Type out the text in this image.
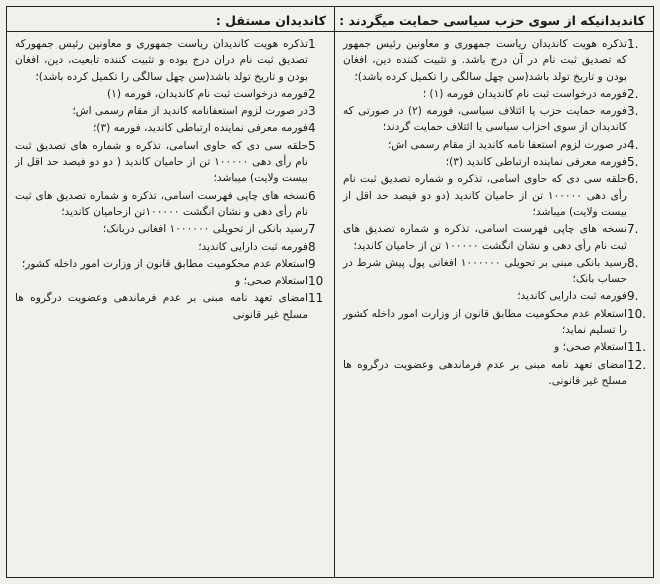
کاندیدان مستقل :
1
تذکره هویت کاندیدان ریاست جمهوری و معاونین رئیس جمهورکه تصدیق ثبت نام دران درج بوده و تثبیت کننده تابعیت، دین، افغان بودن و تاریخ تولد باشد(سن چهل سالگی را تکمیل کرده باشد)؛
2
فورمه درخواست ثبت نام کاندیدان، فورمه (۱)
3
در صورت لزوم استعفانامه کاندید از مقام رسمی اش؛
4
فورمه معرفی نماینده ارتباطی کاندید، فورمه (۳)؛
5
حلقه سی دی که حاوی اسامی، تذکره و شماره های تصدیق ثبت نام رأی دهی ۱۰۰۰۰۰ تن از حامیان کاندید ( دو دو فیصد حد اقل از بیست ولایت) میباشد؛
6
نسخه های چاپی فهرست اسامی، تذکره و شماره تصدیق های ثبت نام رأی دهی و نشان انگشت ۱۰۰۰۰۰تن ازحامیان کاندید؛
7
رسید بانکی از تحویلی ۱۰۰۰۰۰۰ افغانی دربانک؛
8
فورمه ثبت دارایی کاندید؛
9
استعلام عدم محکومیت مطابق قانون از وزارت امور داخله کشور؛
10
استعلام صحی؛ و
11
امضای تعهد نامه مبنی بر عدم فرماندهی وعضویت درگروه ها مسلح غیر قانونی
کاندیدانیکه از سوی حزب سیاسی حمایت میگردند :
1.
تذکره هویت کاندیدان ریاست جمهوری و معاونین رئیس جمهور که تصدیق ثبت نام در آن درج باشد. و تثبیت کننده دین، افغان بودن و تاریخ تولد باشد(سن چهل سالگی را تکمیل کرده باشد)؛
2.
فورمه درخواست ثبت نام کاندیدان فورمه (۱) ؛
3.
فورمه حمایت حزب یا ائتلاف سیاسی، فورمه (۲) در صورتی که کاندیدان از سوی احزاب سیاسی یا ائتلاف حمایت گردند؛
4.
در صورت لزوم استعفا نامه کاندید از مقام رسمی اش؛
5.
فورمه معرفی نماینده ارتباطی کاندید (۳)؛
6.
حلقه سی دی که حاوی اسامی، تذکره و شماره تصدیق ثبت نام رأی دهی ۱۰۰۰۰۰ تن از حامیان کاندید (دو دو فیصد حد اقل از بیست ولایت) میباشد؛
7.
نسخه های چاپی فهرست اسامی، تذکره و شماره تصدیق های ثبت نام رأی دهی و نشان انگشت ۱۰۰۰۰۰ تن از حامیان کاندید؛
8.
رسید بانکی مبنی بر تحویلی ۱۰۰۰۰۰۰ افغانی پول پیش شرط در حساب بانک؛
9.
فورمه ثبت دارایی کاندید؛
10.
استعلام عدم محکومیت مطابق قانون از وزارت امور داخله کشور را تسلیم نماید؛
11.
استعلام صحی؛ و
12.
امضای تعهد نامه مبنی بر عدم فرماندهی وعضویت درگروه ها مسلح غیر قانونی.
